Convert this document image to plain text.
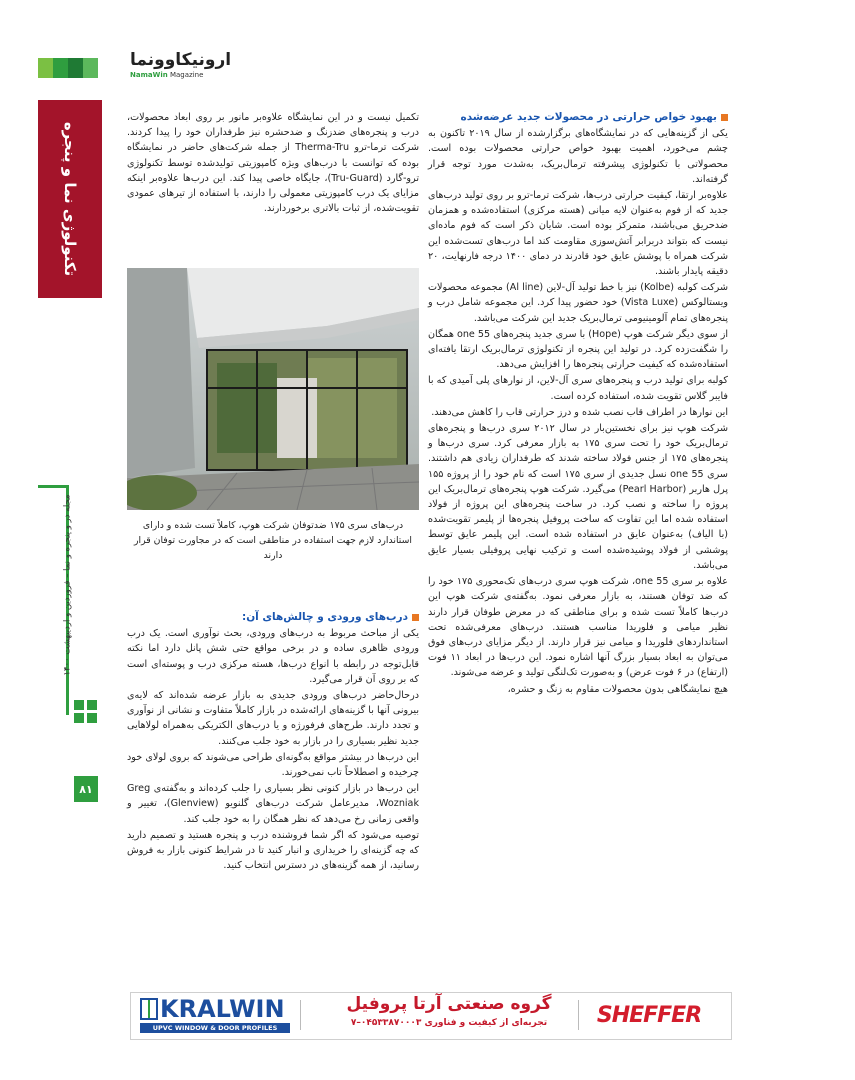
ارونیکاوونما
NamaWin Magazine
تکنولوژی نما و پنجره
مجله در و پنجره و نما – فروردین و اردیبهشت ۱۴۰۰
۸۱

بهبود خواص حرارتی در محصولات جدید عرضه‌شده

یکی از گزینه‌هایی که در نمایشگاه‌های برگزارشده از سال ۲۰۱۹ تاکنون به چشم می‌خورد، اهمیت بهبود خواص حرارتی محصولات بوده است. محصولاتی با تکنولوژی پیشرفته ترمال‌بریک، به‌شدت مورد توجه قرار گرفته‌اند.

علاوه‌بر ارتقا، کیفیت حرارتی درب‌ها، شرکت ترما-ترو بر روی تولید درب‌های جدید که از فوم به‌عنوان لایه میانی (هسته مرکزی) استفاده‌شده و همزمان ضدحریق می‌باشند، متمرکز بوده است. شایان ذکر است که فوم ماده‌ای نیست که بتواند دربرابر آتش‌سوزی مقاومت کند اما درب‌های تست‌شده این شرکت همراه با پوشش عایق خود قادرند در دمای ۱۴۰۰ درجه فارنهایت، ۲۰ دقیقه پایدار باشند.

شرکت کولبه (Kolbe) نیز با خط تولید آل-لاین (Al line) مجموعه محصولات ویستالوکس (Vista Luxe) خود حضور پیدا کرد. این مجموعه شامل درب و پنجره‌های تمام آلومینیومی ترمال‌بریک جدید این شرکت می‌باشد.

از سوی دیگر شرکت هوپ (Hope) با سری جدید پنجره‌های 55 one همگان را شگفت‌زده کرد. در تولید این پنجره از تکنولوژی ترمال‌بریک ارتقا یافته‌ای استفاده‌شده که کیفیت حرارتی پنجره‌ها را افزایش می‌دهد.

کولبه برای تولید درب و پنجره‌های سری آل-لاین، از نوارهای پلی آمیدی که با فایبر گلاس تقویت شده، استفاده کرده است.

این نوارها در اطراف قاب نصب شده و درز حرارتی قاب را کاهش می‌دهند.

شرکت هوپ نیز برای نخستین‌بار در سال ۲۰۱۲ سری درب‌ها و پنجره‌های ترمال‌بریک خود را تحت سری ۱۷۵ به بازار معرفی کرد. سری درب‌ها و پنجره‌های ۱۷۵ از جنس فولاد ساخته شدند که طرفداران زیادی هم داشتند. سری 55 one نسل جدیدی از سری ۱۷۵ است که نام خود را از پروژه ۱۵۵ پرل هاربر (Pearl Harbor) می‌گیرد. شرکت هوپ پنجره‌های ترمال‌بریک این پروژه را ساخته و نصب کرد. در ساخت پنجره‌های این پروژه از فولاد استفاده شده اما این تفاوت که ساخت پروفیل پنجره‌ها از پلیمر تقویت‌شده (با الیاف) به‌عنوان عایق در استفاده شده است. این پلیمر عایق توسط پوششی از فولاد پوشیده‌شده است و ترکیب نهایی پروفیلی بسیار عایق می‌باشد.

علاوه بر سری 55 one، شرکت هوپ سری درب‌های تک‌محوری ۱۷۵ خود را که ضد توفان هستند، به بازار معرفی نمود. به‌گفته‌ی شرکت هوپ این درب‌ها کاملاً تست شده و برای مناطقی که در معرض طوفان قرار دارند نظیر میامی و فلوریدا مناسب هستند. درب‌های معرفی‌شده تحت استانداردهای فلوریدا و میامی نیز قرار دارند. از دیگر مزایای درب‌های فوق می‌توان به ابعاد بسیار بزرگ آنها اشاره نمود. این درب‌ها در ابعاد ۱۱ فوت (ارتفاع) در ۶ فوت عرض) و به‌صورت تک‌لنگی تولید و عرضه می‌شوند.

هیچ نمایشگاهی بدون محصولات مقاوم به زنگ و حشره،

تکمیل نیست و در این نمایشگاه علاوه‌بر مانور بر روی ابعاد محصولات، درب و پنجره‌های ضدزنگ و ضدحشره نیز طرفداران خود را پیدا کردند. شرکت ترما-ترو Therma-Tru از جمله شرکت‌های حاضر در نمایشگاه بوده که توانست با درب‌های ویژه کامپوزیتی تولیدشده توسط تکنولوژی ترو-گارد (Tru-Guard)، جایگاه خاصی پیدا کند. این درب‌ها علاوه‌بر اینکه مزایای یک درب کامپوزیتی معمولی را دارند، با استفاده از تیرهای عمودی تقویت‌شده، از ثبات بالاتری برخوردارند.

درب‌های سری ۱۷۵ ضدتوفان شرکت هوپ، کاملاً تست شده و دارای استاندارد لازم جهت استفاده در مناطقی است که در مجاورت توفان قرار دارند

درب‌های ورودی و چالش‌های آن:

یکی از مباحث مربوط به درب‌های ورودی، بحث نوآوری است. یک درب ورودی ظاهری ساده و در برخی مواقع حتی شش پانل دارد اما نکته قابل‌توجه در رابطه با انواع درب‌ها، هسته مرکزی درب و پوسته‌ای است که بر روی آن قرار می‌گیرد.

درحال‌حاضر درب‌های ورودی جدیدی به بازار عرضه شده‌اند که لایه‌ی بیرونی آنها با گزینه‌های ارائه‌شده در بازار کاملاً متفاوت و نشانی از نوآوری و تجدد دارند. طرح‌های فرفورژه و یا درب‌های الکتریکی به‌همراه لولاهایی جدید نظیر بسیاری را در بازار به خود جلب می‌کنند.

این درب‌ها در بیشتر مواقع به‌گونه‌ای طراحی می‌شوند که بروی لولای خود چرخیده و اصطلاحاً تاب‌ نمی‌خورند.

این درب‌ها در بازار کنونی نظر بسیاری را جلب کرده‌اند و به‌گفته‌ی Greg Wozniak، مدیرعامل شرکت درب‌های گلنویو (Glenview)، تغییر و واقعی زمانی رخ می‌دهد که نظر همگان را به خود جلب کند.

توصیه می‌شود که اگر شما فروشنده درب و پنجره هستید و تصمیم دارید که چه گزینه‌ای را خریداری و انبار کنید تا در شرایط کنونی بازار به فروش رسانید، از همه گزینه‌های در دسترس انتخاب کنید.

SHEFFER
گروه صنعتی آرتا پروفیل
تجربه‌ای از کیفیت و فناوری ۰۴۵۳۳۸۷۰۰۰۳–۷
KRALWIN
UPVC WINDOW & DOOR PROFILES
